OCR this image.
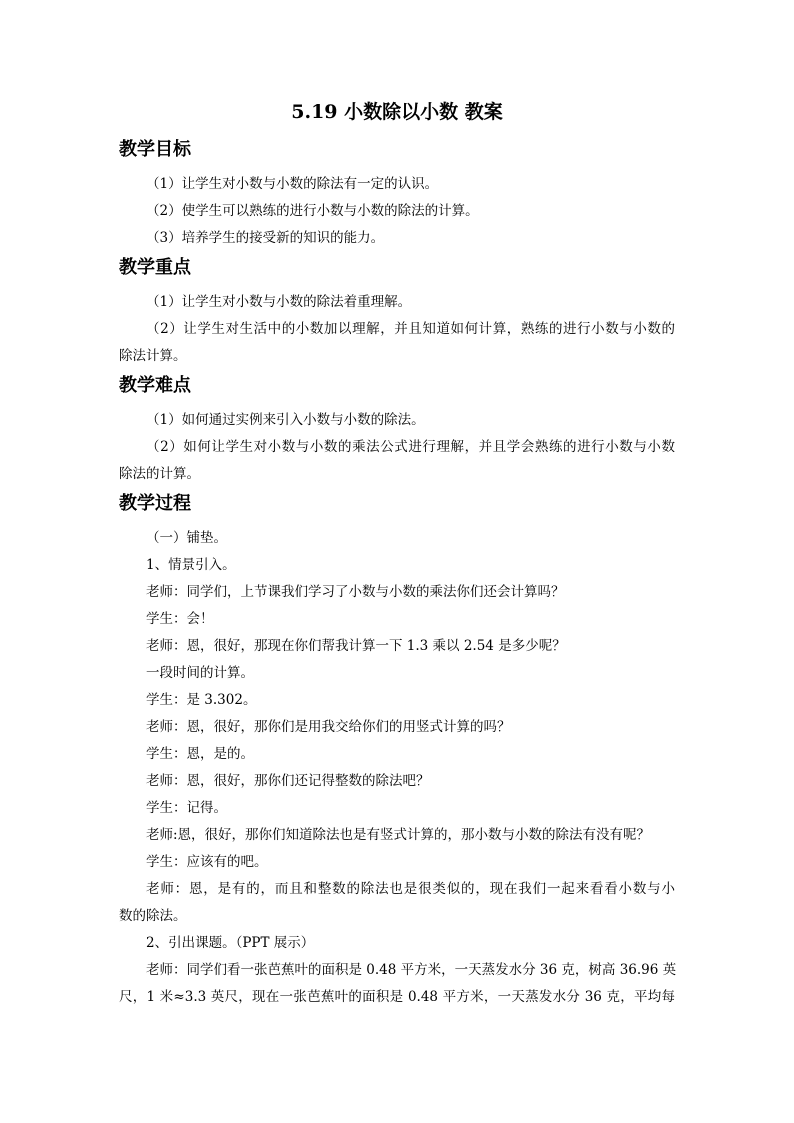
5.19 小数除以小数 教案
教学目标
（1）让学生对小数与小数的除法有一定的认识。
（2）使学生可以熟练的进行小数与小数的除法的计算。
（3）培养学生的接受新的知识的能力。
教学重点
（1）让学生对小数与小数的除法着重理解。
（2）让学生对生活中的小数加以理解，并且知道如何计算，熟练的进行小数与小数的
除法计算。
教学难点
（1）如何通过实例来引入小数与小数的除法。
（2）如何让学生对小数与小数的乘法公式进行理解，并且学会熟练的进行小数与小数
除法的计算。
教学过程
（一）铺垫。
1、情景引入。
老师：同学们，上节课我们学习了小数与小数的乘法你们还会计算吗？
学生：会！
老师：恩，很好，那现在你们帮我计算一下 1.3 乘以 2.54 是多少呢？
一段时间的计算。
学生：是 3.302。
老师：恩，很好，那你们是用我交给你们的用竖式计算的吗？
学生：恩，是的。
老师：恩，很好，那你们还记得整数的除法吧？
学生：记得。
老师:恩，很好，那你们知道除法也是有竖式计算的，那小数与小数的除法有没有呢？
学生：应该有的吧。
老师：恩，是有的，而且和整数的除法也是很类似的，现在我们一起来看看小数与小
数的除法。
2、引出课题。（PPT 展示）
老师：同学们看一张芭蕉叶的面积是 0.48 平方米，一天蒸发水分 36 克，树高 36.96 英
尺，1 米≈3.3 英尺，现在一张芭蕉叶的面积是 0.48 平方米，一天蒸发水分 36 克，平均每
